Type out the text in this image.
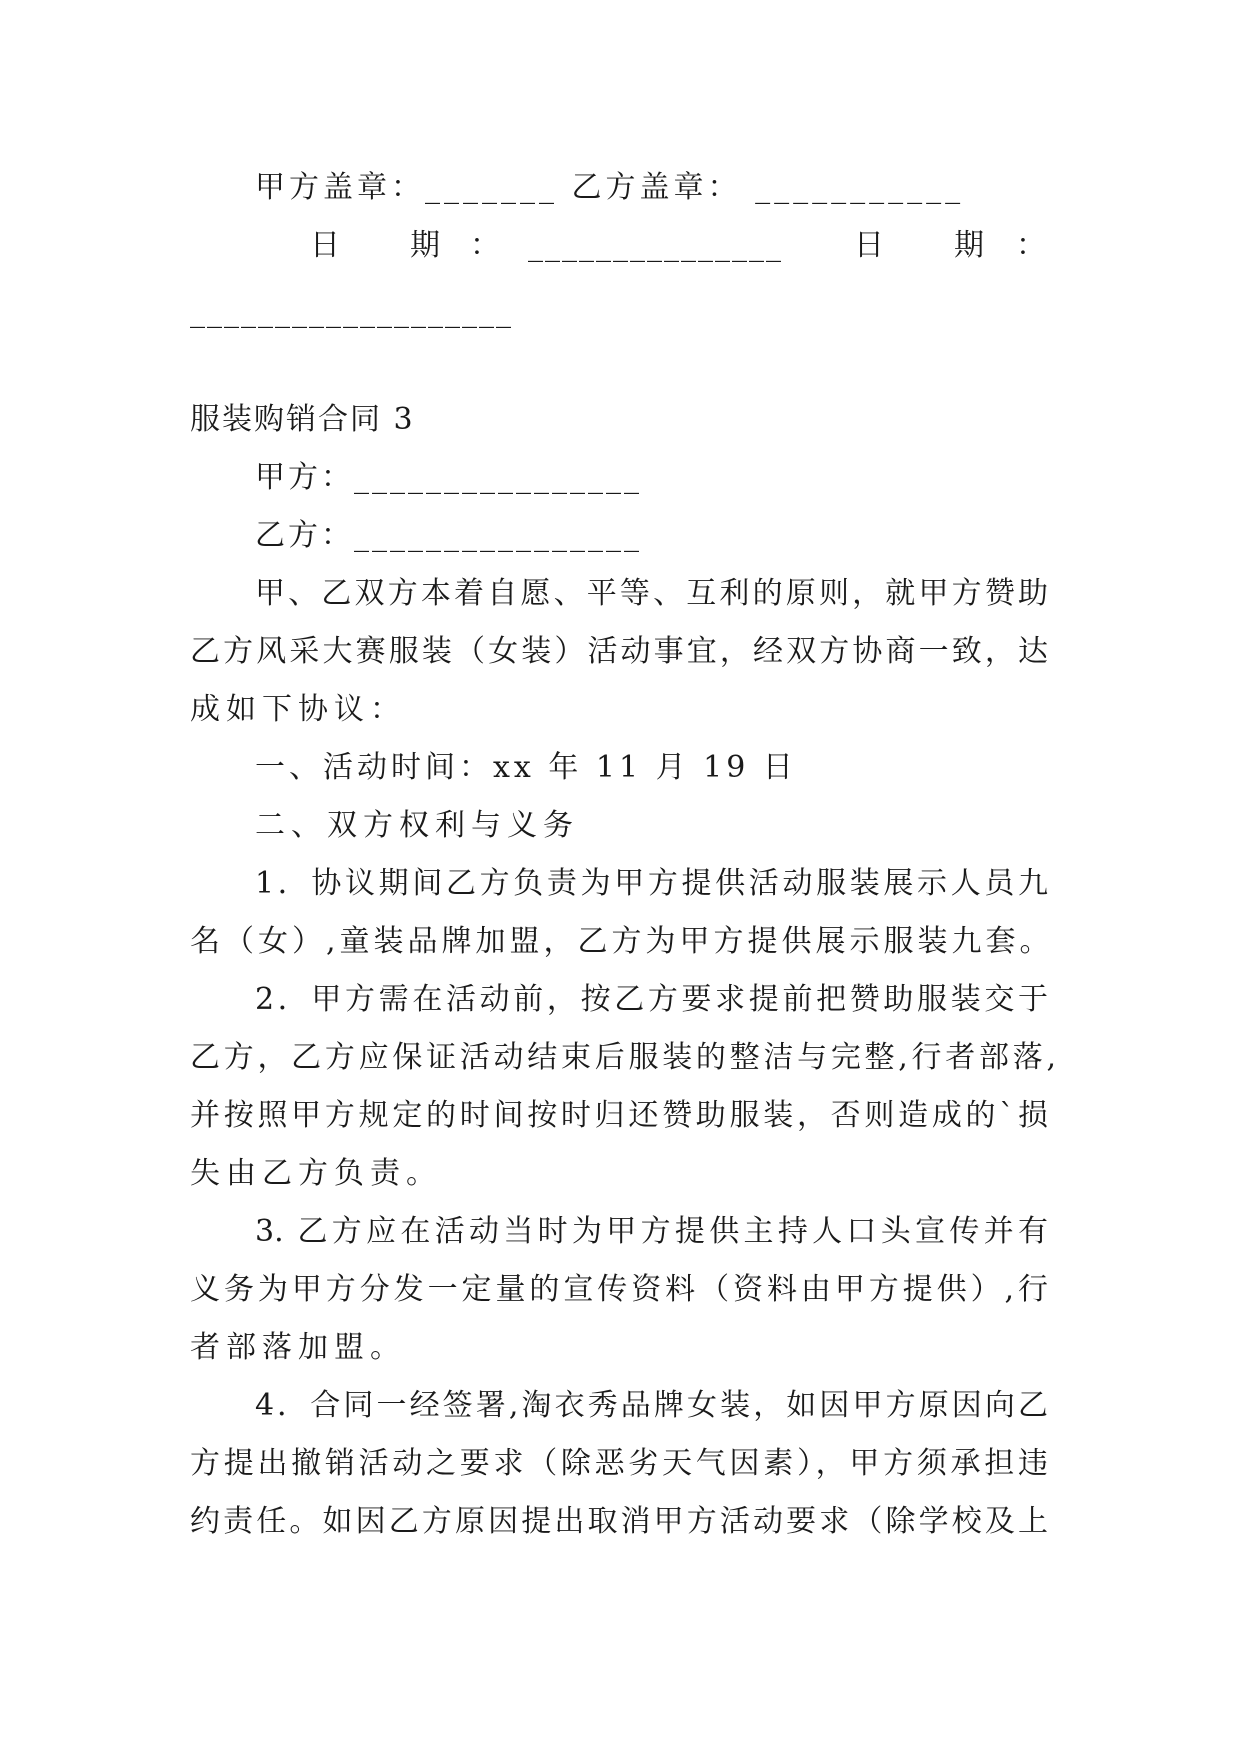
甲方盖章：_______ 乙方盖章： ___________
日 期 ： _______________ 日 期 ：
___________________
服装购销合同 3
甲方：________________
乙方：________________
甲、乙双方本着自愿、平等、互利的原则，就甲方赞助
乙方风采大赛服装（女装）活动事宜，经双方协商一致，达
成如下协议：
一、活动时间：xx 年 11 月 19 日
二、双方权利与义务
1．协议期间乙方负责为甲方提供活动服装展示人员九
名（女）,童装品牌加盟，乙方为甲方提供展示服装九套。
2．甲方需在活动前，按乙方要求提前把赞助服装交于
乙方，乙方应保证活动结束后服装的整洁与完整,行者部落,
并按照甲方规定的时间按时归还赞助服装，否则造成的`损
失由乙方负责。
3. 乙方应在活动当时为甲方提供主持人口头宣传并有
义务为甲方分发一定量的宣传资料（资料由甲方提供）,行
者部落加盟。
4．合同一经签署,淘衣秀品牌女装，如因甲方原因向乙
方提出撤销活动之要求（除恶劣天气因素），甲方须承担违
约责任。如因乙方原因提出取消甲方活动要求（除学校及上
